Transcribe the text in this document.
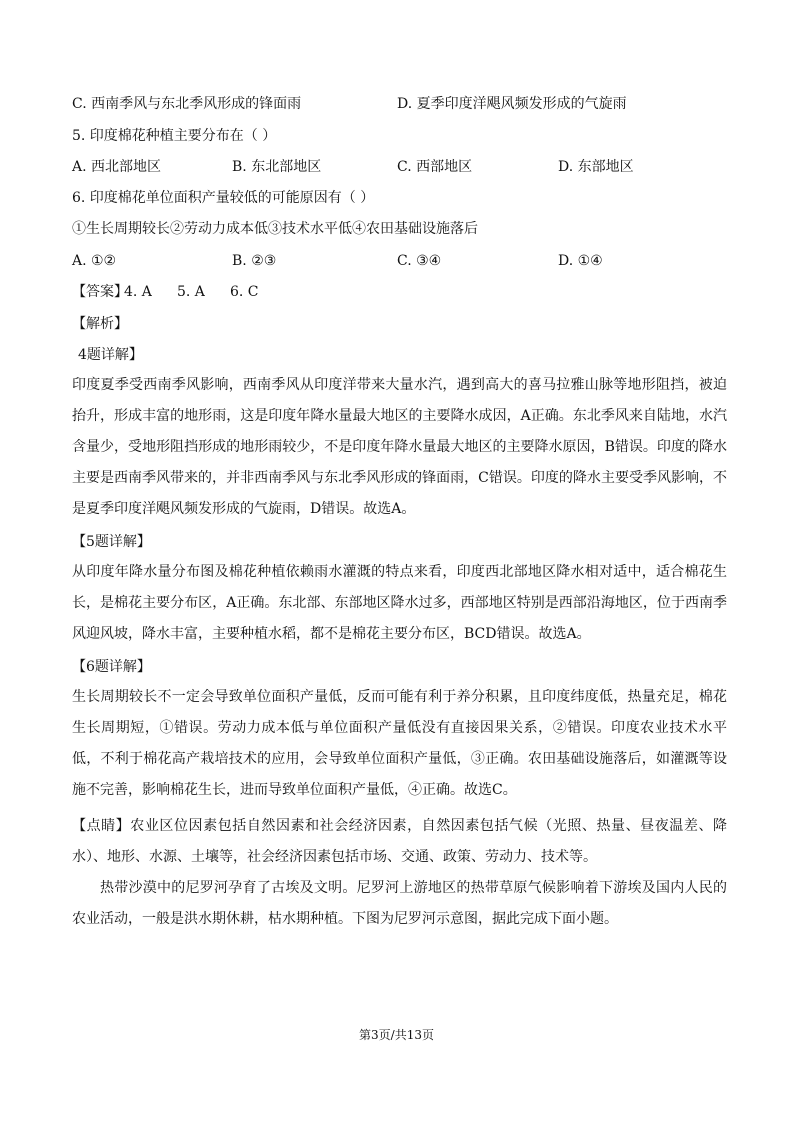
C. 西南季风与东北季风形成的锋面雨	D. 夏季印度洋飓风频发形成的气旋雨
5. 印度棉花种植主要分布在（ ）
A. 西北部地区	B. 东北部地区	C. 西部地区	D. 东部地区
6. 印度棉花单位面积产量较低的可能原因有（ ）
①生长周期较长②劳动力成本低③技术水平低④农田基础设施落后
A. ①②	B. ②③	C. ③④	D. ①④
【答案】
4. A 5. A 6. C
【解析】
4题详解】
印度夏季受西南季风影响，西南季风从印度洋带来大量水汽，遇到高大的喜马拉雅山脉等地形阻挡，被迫抬升，形成丰富的地形雨，这是印度年降水量最大地区的主要降水成因，A正确。东北季风来自陆地，水汽含量少，受地形阻挡形成的地形雨较少，不是印度年降水量最大地区的主要降水原因，B错误。印度的降水主要是西南季风带来的，并非西南季风与东北季风形成的锋面雨，C错误。印度的降水主要受季风影响，不是夏季印度洋飓风频发形成的气旋雨，D错误。故选A。
【5题详解】
从印度年降水量分布图及棉花种植依赖雨水灌溉的特点来看，印度西北部地区降水相对适中，适合棉花生长，是棉花主要分布区，A正确。东北部、东部地区降水过多，西部地区特别是西部沿海地区，位于西南季风迎风坡，降水丰富，主要种植水稻，都不是棉花主要分布区，BCD错误。故选A。
【6题详解】
生长周期较长不一定会导致单位面积产量低，反而可能有利于养分积累，且印度纬度低，热量充足，棉花生长周期短，①错误。劳动力成本低与单位面积产量低没有直接因果关系，②错误。印度农业技术水平低，不利于棉花高产栽培技术的应用，会导致单位面积产量低，③正确。农田基础设施落后，如灌溉等设施不完善，影响棉花生长，进而导致单位面积产量低，④正确。故选C。
【点睛】农业区位因素包括自然因素和社会经济因素，自然因素包括气候（光照、热量、昼夜温差、降水）、地形、水源、土壤等，社会经济因素包括市场、交通、政策、劳动力、技术等。
热带沙漠中的尼罗河孕育了古埃及文明。尼罗河上游地区的热带草原气候影响着下游埃及国内人民的农业活动，一般是洪水期休耕，枯水期种植。下图为尼罗河示意图，据此完成下面小题。
第3页/共13页
